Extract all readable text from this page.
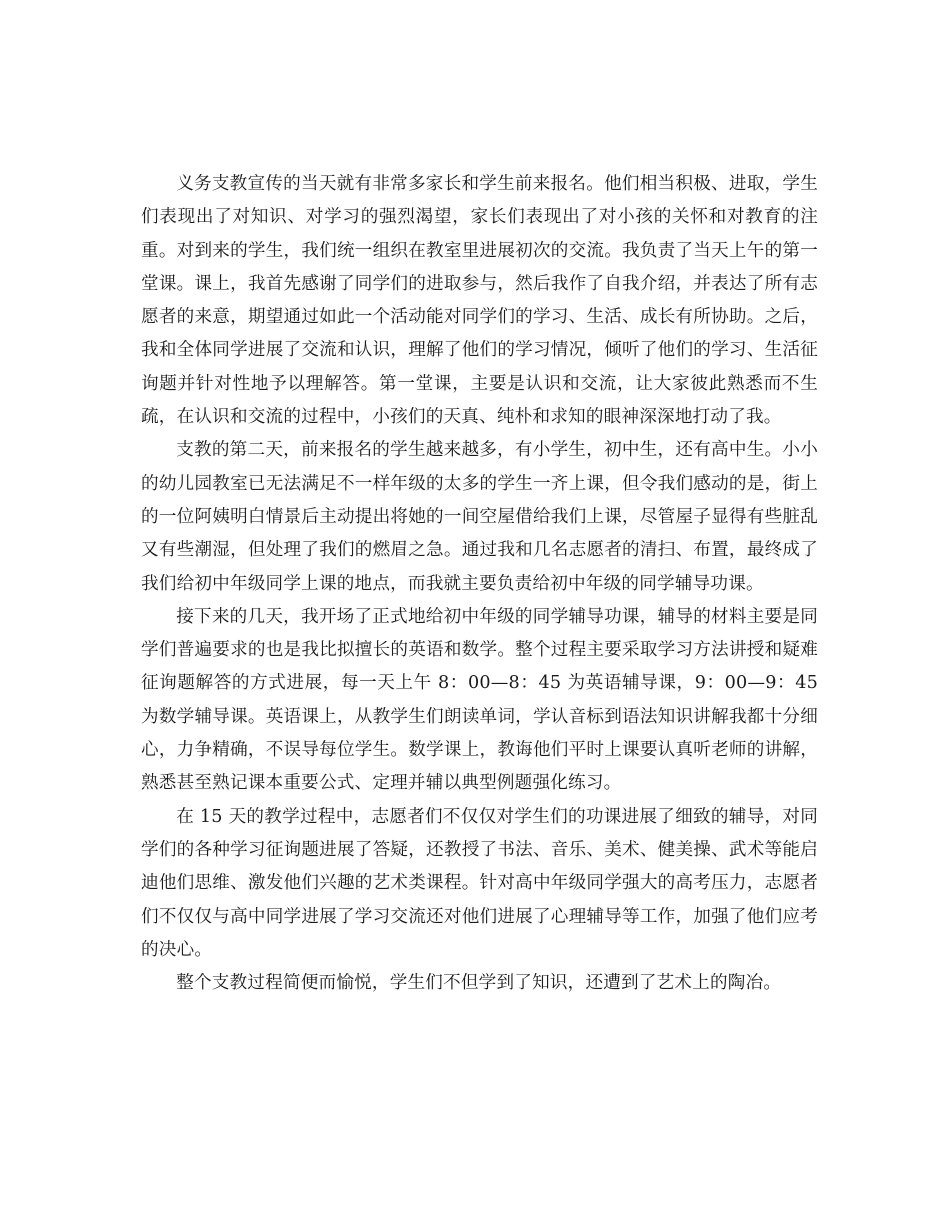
义务支教宣传的当天就有非常多家长和学生前来报名。他们相当积极、进取，学生们表现出了对知识、对学习的强烈渴望，家长们表现出了对小孩的关怀和对教育的注重。对到来的学生，我们统一组织在教室里进展初次的交流。我负责了当天上午的第一堂课。课上，我首先感谢了同学们的进取参与，然后我作了自我介绍，并表达了所有志愿者的来意，期望通过如此一个活动能对同学们的学习、生活、成长有所协助。之后，我和全体同学进展了交流和认识，理解了他们的学习情况，倾听了他们的学习、生活征询题并针对性地予以理解答。第一堂课，主要是认识和交流，让大家彼此熟悉而不生疏，在认识和交流的过程中，小孩们的天真、纯朴和求知的眼神深深地打动了我。

支教的第二天，前来报名的学生越来越多，有小学生，初中生，还有高中生。小小的幼儿园教室已无法满足不一样年级的太多的学生一齐上课，但令我们感动的是，街上的一位阿姨明白情景后主动提出将她的一间空屋借给我们上课，尽管屋子显得有些脏乱又有些潮湿，但处理了我们的燃眉之急。通过我和几名志愿者的清扫、布置，最终成了我们给初中年级同学上课的地点，而我就主要负责给初中年级的同学辅导功课。

接下来的几天，我开场了正式地给初中年级的同学辅导功课，辅导的材料主要是同学们普遍要求的也是我比拟擅长的英语和数学。整个过程主要采取学习方法讲授和疑难征询题解答的方式进展，每一天上午 8：00—8：45 为英语辅导课，9：00—9：45 为数学辅导课。英语课上，从教学生们朗读单词，学认音标到语法知识讲解我都十分细心，力争精确，不误导每位学生。数学课上，教诲他们平时上课要认真听老师的讲解，熟悉甚至熟记课本重要公式、定理并辅以典型例题强化练习。

在 15 天的教学过程中，志愿者们不仅仅对学生们的功课进展了细致的辅导，对同学们的各种学习征询题进展了答疑，还教授了书法、音乐、美术、健美操、武术等能启迪他们思维、激发他们兴趣的艺术类课程。针对高中年级同学强大的高考压力，志愿者们不仅仅与高中同学进展了学习交流还对他们进展了心理辅导等工作，加强了他们应考的决心。

整个支教过程简便而愉悦，学生们不但学到了知识，还遭到了艺术上的陶冶。
